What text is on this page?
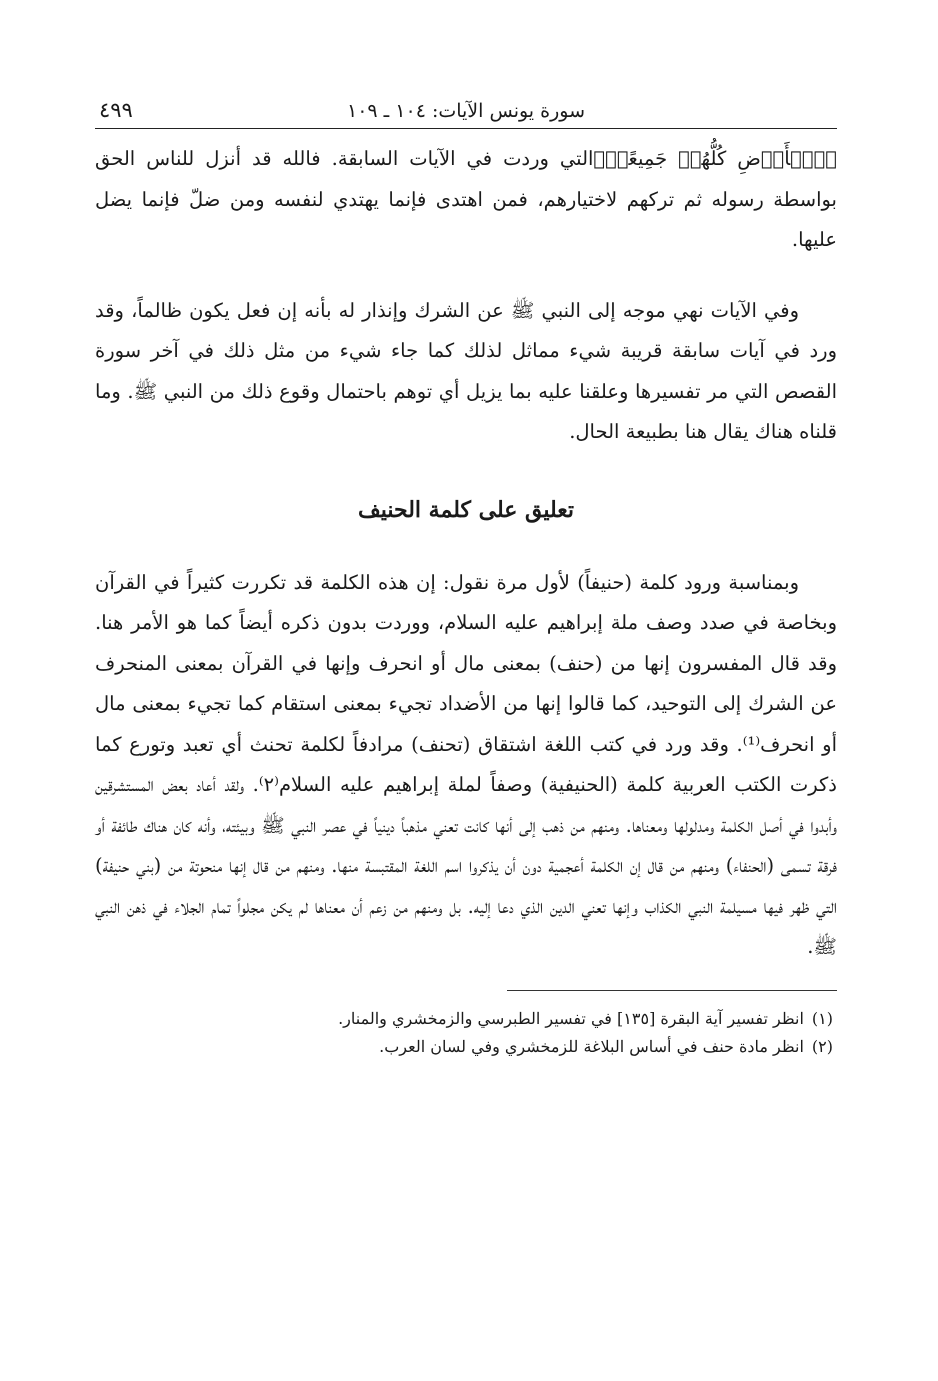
سورة يونس الآيات: ١٠٤ ـ ١٠٩
٤٩٩

﴿ٱلۡأَرۡضِ كُلُّهُمۡ جَمِيعًاۚ﴾التي وردت في الآيات السابقة. فالله قد أنزل للناس الحق بواسطة رسوله ثم تركهم لاختيارهم، فمن اهتدى فإنما يهتدي لنفسه ومن ضلّ فإنما يضل عليها.

وفي الآيات نهي موجه إلى النبي ﷺ عن الشرك وإنذار له بأنه إن فعل يكون ظالماً، وقد ورد في آيات سابقة قريبة شيء مماثل لذلك كما جاء شيء من مثل ذلك في آخر سورة القصص التي مر تفسيرها وعلقنا عليه بما يزيل أي توهم باحتمال وقوع ذلك من النبي ﷺ. وما قلناه هناك يقال هنا بطبيعة الحال.

تعليق على كلمة الحنيف

وبمناسبة ورود كلمة (حنيفاً) لأول مرة نقول: إن هذه الكلمة قد تكررت كثيراً في القرآن وبخاصة في صدد وصف ملة إبراهيم عليه السلام، ووردت بدون ذكره أيضاً كما هو الأمر هنا. وقد قال المفسرون إنها من (حنف) بمعنى مال أو انحرف وإنها في القرآن بمعنى المنحرف عن الشرك إلى التوحيد، كما قالوا إنها من الأضداد تجيء بمعنى استقام كما تجيء بمعنى مال أو انحرف⁽¹⁾. وقد ورد في كتب اللغة اشتقاق (تحنف) مرادفاً لكلمة تحنث أي تعبد وتورع كما ذكرت الكتب العربية كلمة (الحنيفية) وصفاً لملة إبراهيم عليه السلام⁽٢⁾. ولقد أعاد بعض المستشرقين وأبدوا في أصل الكلمة ومدلولها ومعناها. ومنهم من ذهب إلى أنها كانت تعني مذهباً دينياً في عصر النبي ﷺ وبيئته، وأنه كان هناك طائفة أو فرقة تسمى (الحنفاء) ومنهم من قال إن الكلمة أعجمية دون أن يذكروا اسم اللغة المقتبسة منها. ومنهم من قال إنها منحوتة من (بني حنيفة) التي ظهر فيها مسيلمة النبي الكذاب وإنها تعني الدين الذي دعا إليه. بل ومنهم من زعم أن معناها لم يكن مجلواً تمام الجلاء في ذهن النبي ﷺ.

(١)انظر تفسير آية البقرة [١٣٥] في تفسير الطبرسي والزمخشري والمنار.

(٢)انظر مادة حنف في أساس البلاغة للزمخشري وفي لسان العرب.
